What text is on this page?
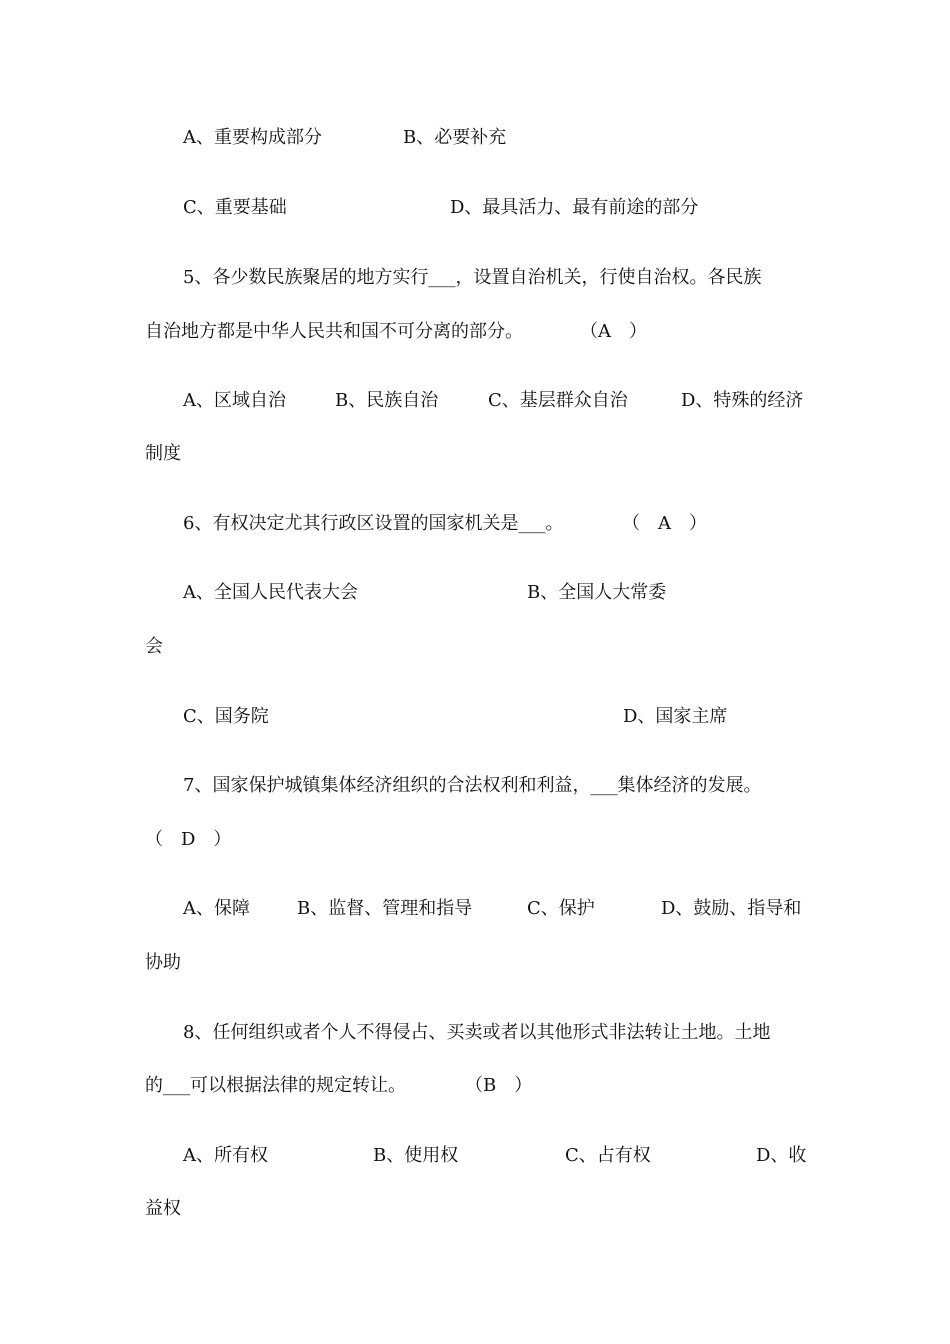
A、重要构成部分	B、必要补充

C、重要基础	D、最具活力、最有前途的部分

5、各少数民族聚居的地方实行___，设置自治机关，行使自治权。各民族

自治地方都是中华人民共和国不可分离的部分。	（A　）

A、区域自治	B、民族自治	C、基层群众自治	D、特殊的经济

制度

6、有权决定尤其行政区设置的国家机关是___。	（　A　）

A、全国人民代表大会	B、全国人大常委

会

C、国务院	D、国家主席

7、国家保护城镇集体经济组织的合法权利和利益，___集体经济的发展。

（　D　）

A、保障	B、监督、管理和指导	C、保护	D、鼓励、指导和

协助

8、任何组织或者个人不得侵占、买卖或者以其他形式非法转让土地。土地

的___可以根据法律的规定转让。	（B　）

A、所有权	B、使用权	C、占有权	D、收

益权
